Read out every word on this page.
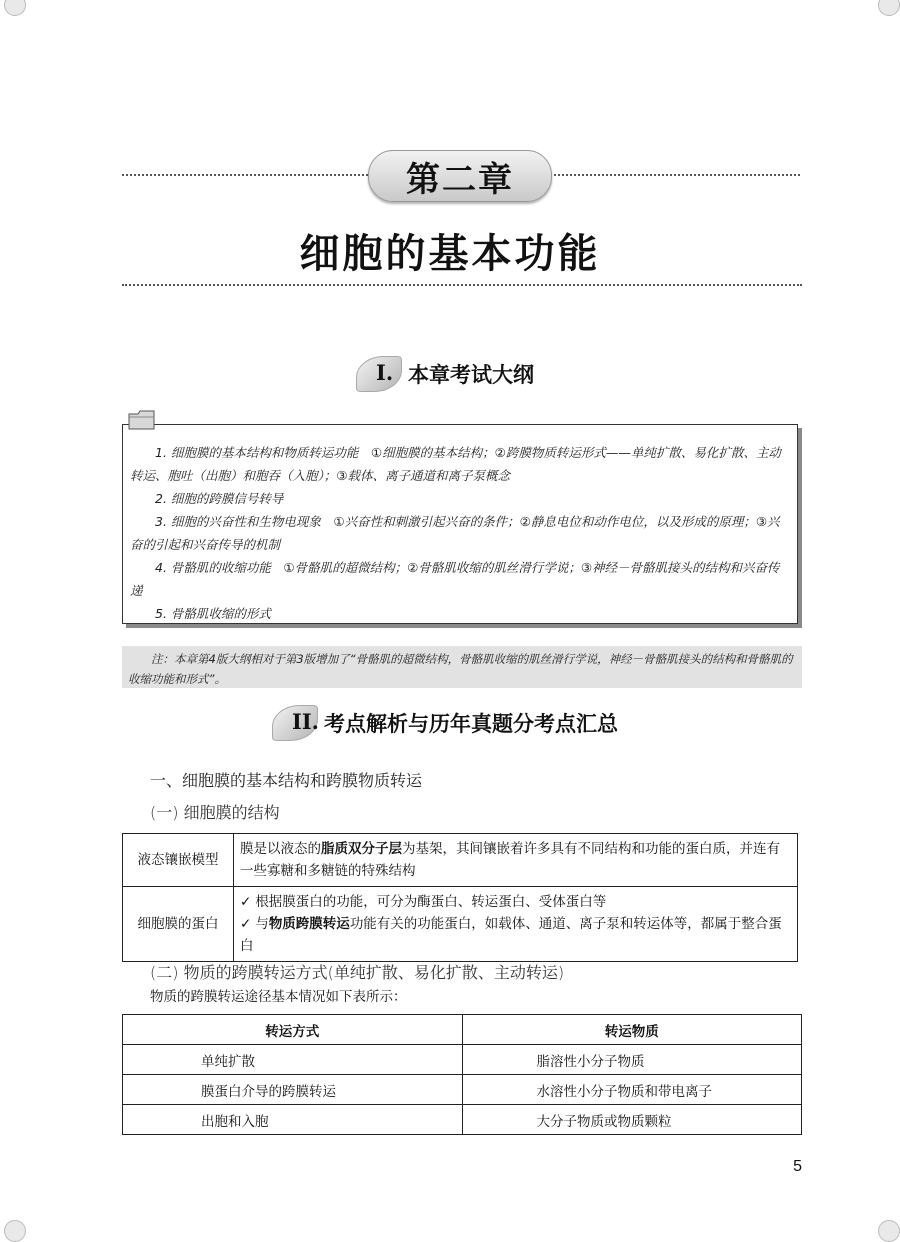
第二章
细胞的基本功能
I. 本章考试大纲

1. 细胞膜的基本结构和物质转运功能　①细胞膜的基本结构；②跨膜物质转运形式——单纯扩散、易化扩散、主动转运、胞吐（出胞）和胞吞（入胞）；③载体、离子通道和离子泵概念

2. 细胞的跨膜信号转导

3. 细胞的兴奋性和生物电现象　①兴奋性和刺激引起兴奋的条件；②静息电位和动作电位，以及形成的原理；③兴奋的引起和兴奋传导的机制

4. 骨骼肌的收缩功能　①骨骼肌的超微结构；②骨骼肌收缩的肌丝滑行学说；③神经－骨骼肌接头的结构和兴奋传递

5. 骨骼肌收缩的形式

注：本章第4版大纲相对于第3版增加了“骨骼肌的超微结构，骨骼肌收缩的肌丝滑行学说，神经－骨骼肌接头的结构和骨骼肌的收缩功能和形式”。
II. 考点解析与历年真题分考点汇总
一、细胞膜的基本结构和跨膜物质转运
(一) 细胞膜的结构
液态镶嵌模型	膜是以液态的脂质双分子层为基架，其间镶嵌着许多具有不同结构和功能的蛋白质，并连有一些寡糖和多糖链的特殊结构
细胞膜的蛋白	✓ 根据膜蛋白的功能，可分为酶蛋白、转运蛋白、受体蛋白等
✓ 与物质跨膜转运功能有关的功能蛋白，如载体、通道、离子泵和转运体等，都属于整合蛋白
(二) 物质的跨膜转运方式(单纯扩散、易化扩散、主动转运)
物质的跨膜转运途径基本情况如下表所示：
转运方式	转运物质
单纯扩散	脂溶性小分子物质
膜蛋白介导的跨膜转运	水溶性小分子物质和带电离子
出胞和入胞	大分子物质或物质颗粒
5
